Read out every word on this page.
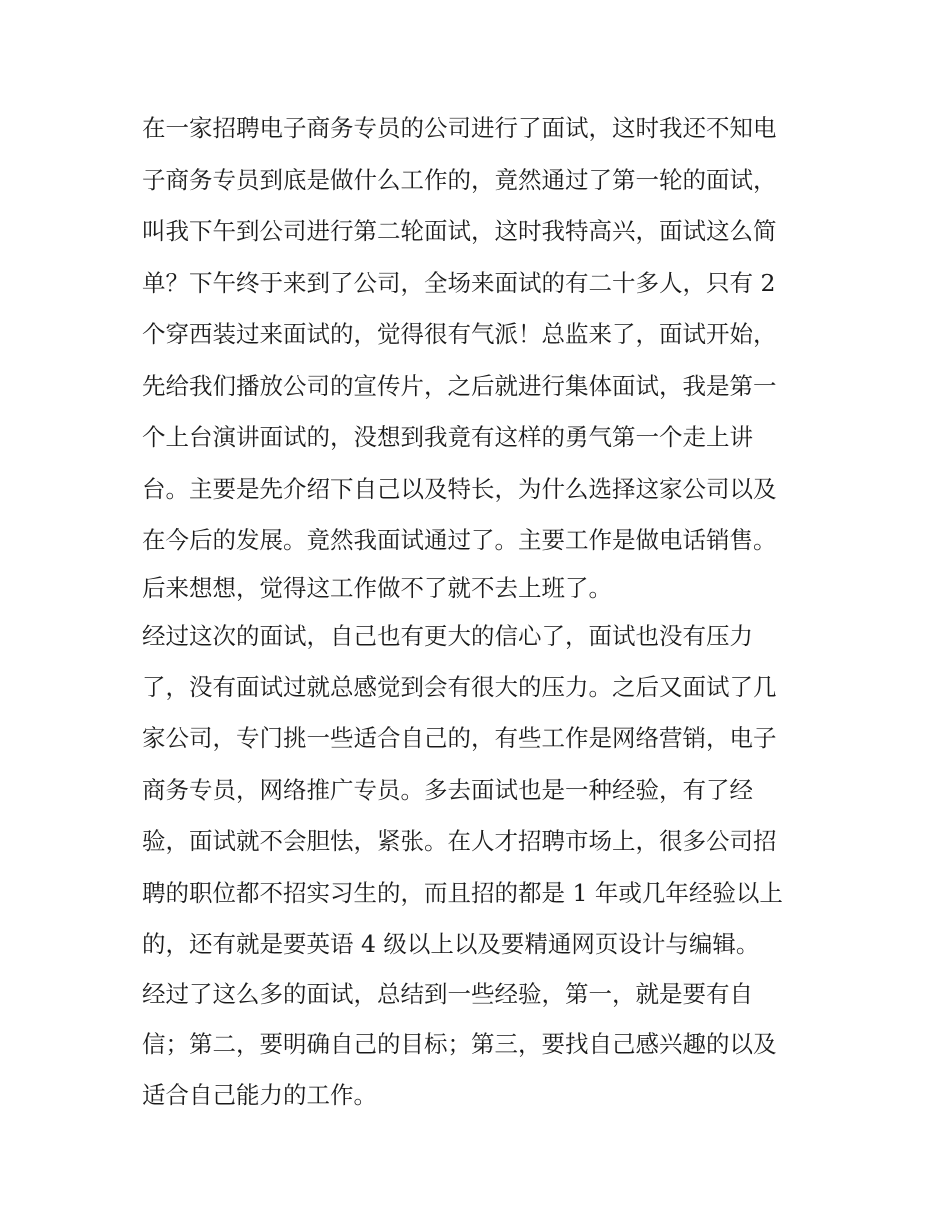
在一家招聘电子商务专员的公司进行了面试，这时我还不知电
子商务专员到底是做什么工作的，竟然通过了第一轮的面试，
叫我下午到公司进行第二轮面试，这时我特高兴，面试这么简
单？下午终于来到了公司，全场来面试的有二十多人，只有 2
个穿西装过来面试的，觉得很有气派！总监来了，面试开始，
先给我们播放公司的宣传片，之后就进行集体面试，我是第一
个上台演讲面试的，没想到我竟有这样的勇气第一个走上讲
台。主要是先介绍下自己以及特长，为什么选择这家公司以及
在今后的发展。竟然我面试通过了。主要工作是做电话销售。
后来想想，觉得这工作做不了就不去上班了。
经过这次的面试，自己也有更大的信心了，面试也没有压力
了，没有面试过就总感觉到会有很大的压力。之后又面试了几
家公司，专门挑一些适合自己的，有些工作是网络营销，电子
商务专员，网络推广专员。多去面试也是一种经验，有了经
验，面试就不会胆怯，紧张。在人才招聘市场上，很多公司招
聘的职位都不招实习生的，而且招的都是 1 年或几年经验以上
的，还有就是要英语 4 级以上以及要精通网页设计与编辑。
经过了这么多的面试，总结到一些经验，第一，就是要有自
信；第二，要明确自己的目标；第三，要找自己感兴趣的以及
适合自己能力的工作。
